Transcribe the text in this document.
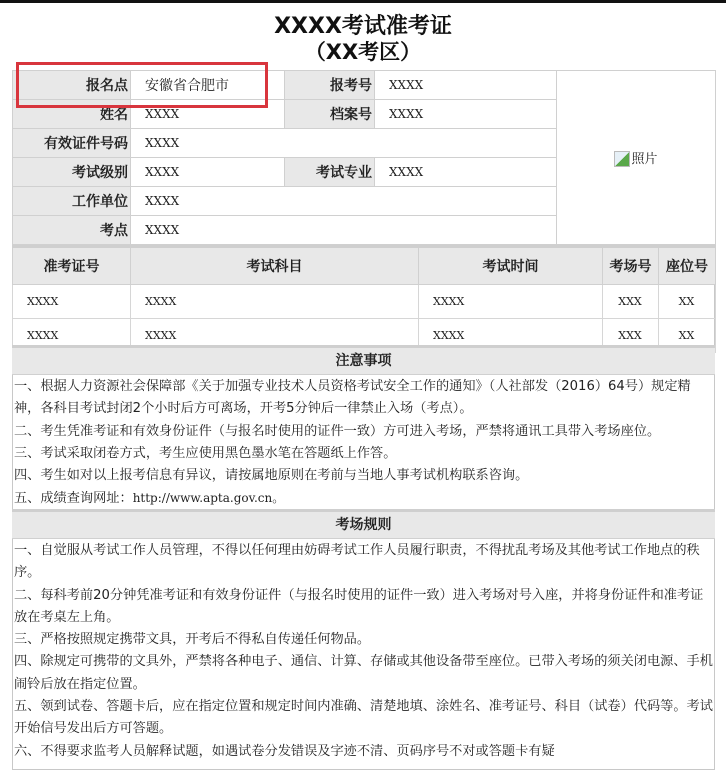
XXXX考试准考证
（XX考区）
报名点	安徽省合肥市	报考号	XXXX	照片
姓名	XXXX	档案号	XXXX	
有效证件号码	XXXX			
考试级别	XXXX	考试专业	XXXX	
工作单位	XXXX			
考点	XXXX			
准考证号	考试科目	考试时间	考场号	座位号
XXXX	XXXX	XXXX	XXX	XX
XXXX	XXXX	XXXX	XXX	XX
注意事项

一、根据人力资源社会保障部《关于加强专业技术人员资格考试安全工作的通知》（人社部发（2016）64号）规定精神，各科目考试封闭2个小时后方可离场，开考5分钟后一律禁止入场（考点）。

二、考生凭准考证和有效身份证件（与报名时使用的证件一致）方可进入考场，严禁将通讯工具带入考场座位。

三、考试采取闭卷方式，考生应使用黑色墨水笔在答题纸上作答。

四、考生如对以上报考信息有异议，请按属地原则在考前与当地人事考试机构联系咨询。

五、成绩查询网址：http://www.apta.gov.cn。

考场规则

一、自觉服从考试工作人员管理，不得以任何理由妨碍考试工作人员履行职责，不得扰乱考场及其他考试工作地点的秩序。

二、每科考前20分钟凭准考证和有效身份证件（与报名时使用的证件一致）进入考场对号入座，并将身份证件和准考证放在考桌左上角。

三、严格按照规定携带文具，开考后不得私自传递任何物品。

四、除规定可携带的文具外，严禁将各种电子、通信、计算、存储或其他设备带至座位。已带入考场的须关闭电源、手机闹铃后放在指定位置。

五、领到试卷、答题卡后，应在指定位置和规定时间内准确、清楚地填、涂姓名、准考证号、科目（试卷）代码等。考试开始信号发出后方可答题。

六、不得要求监考人员解释试题，如遇试卷分发错误及字迹不清、页码序号不对或答题卡有疑
